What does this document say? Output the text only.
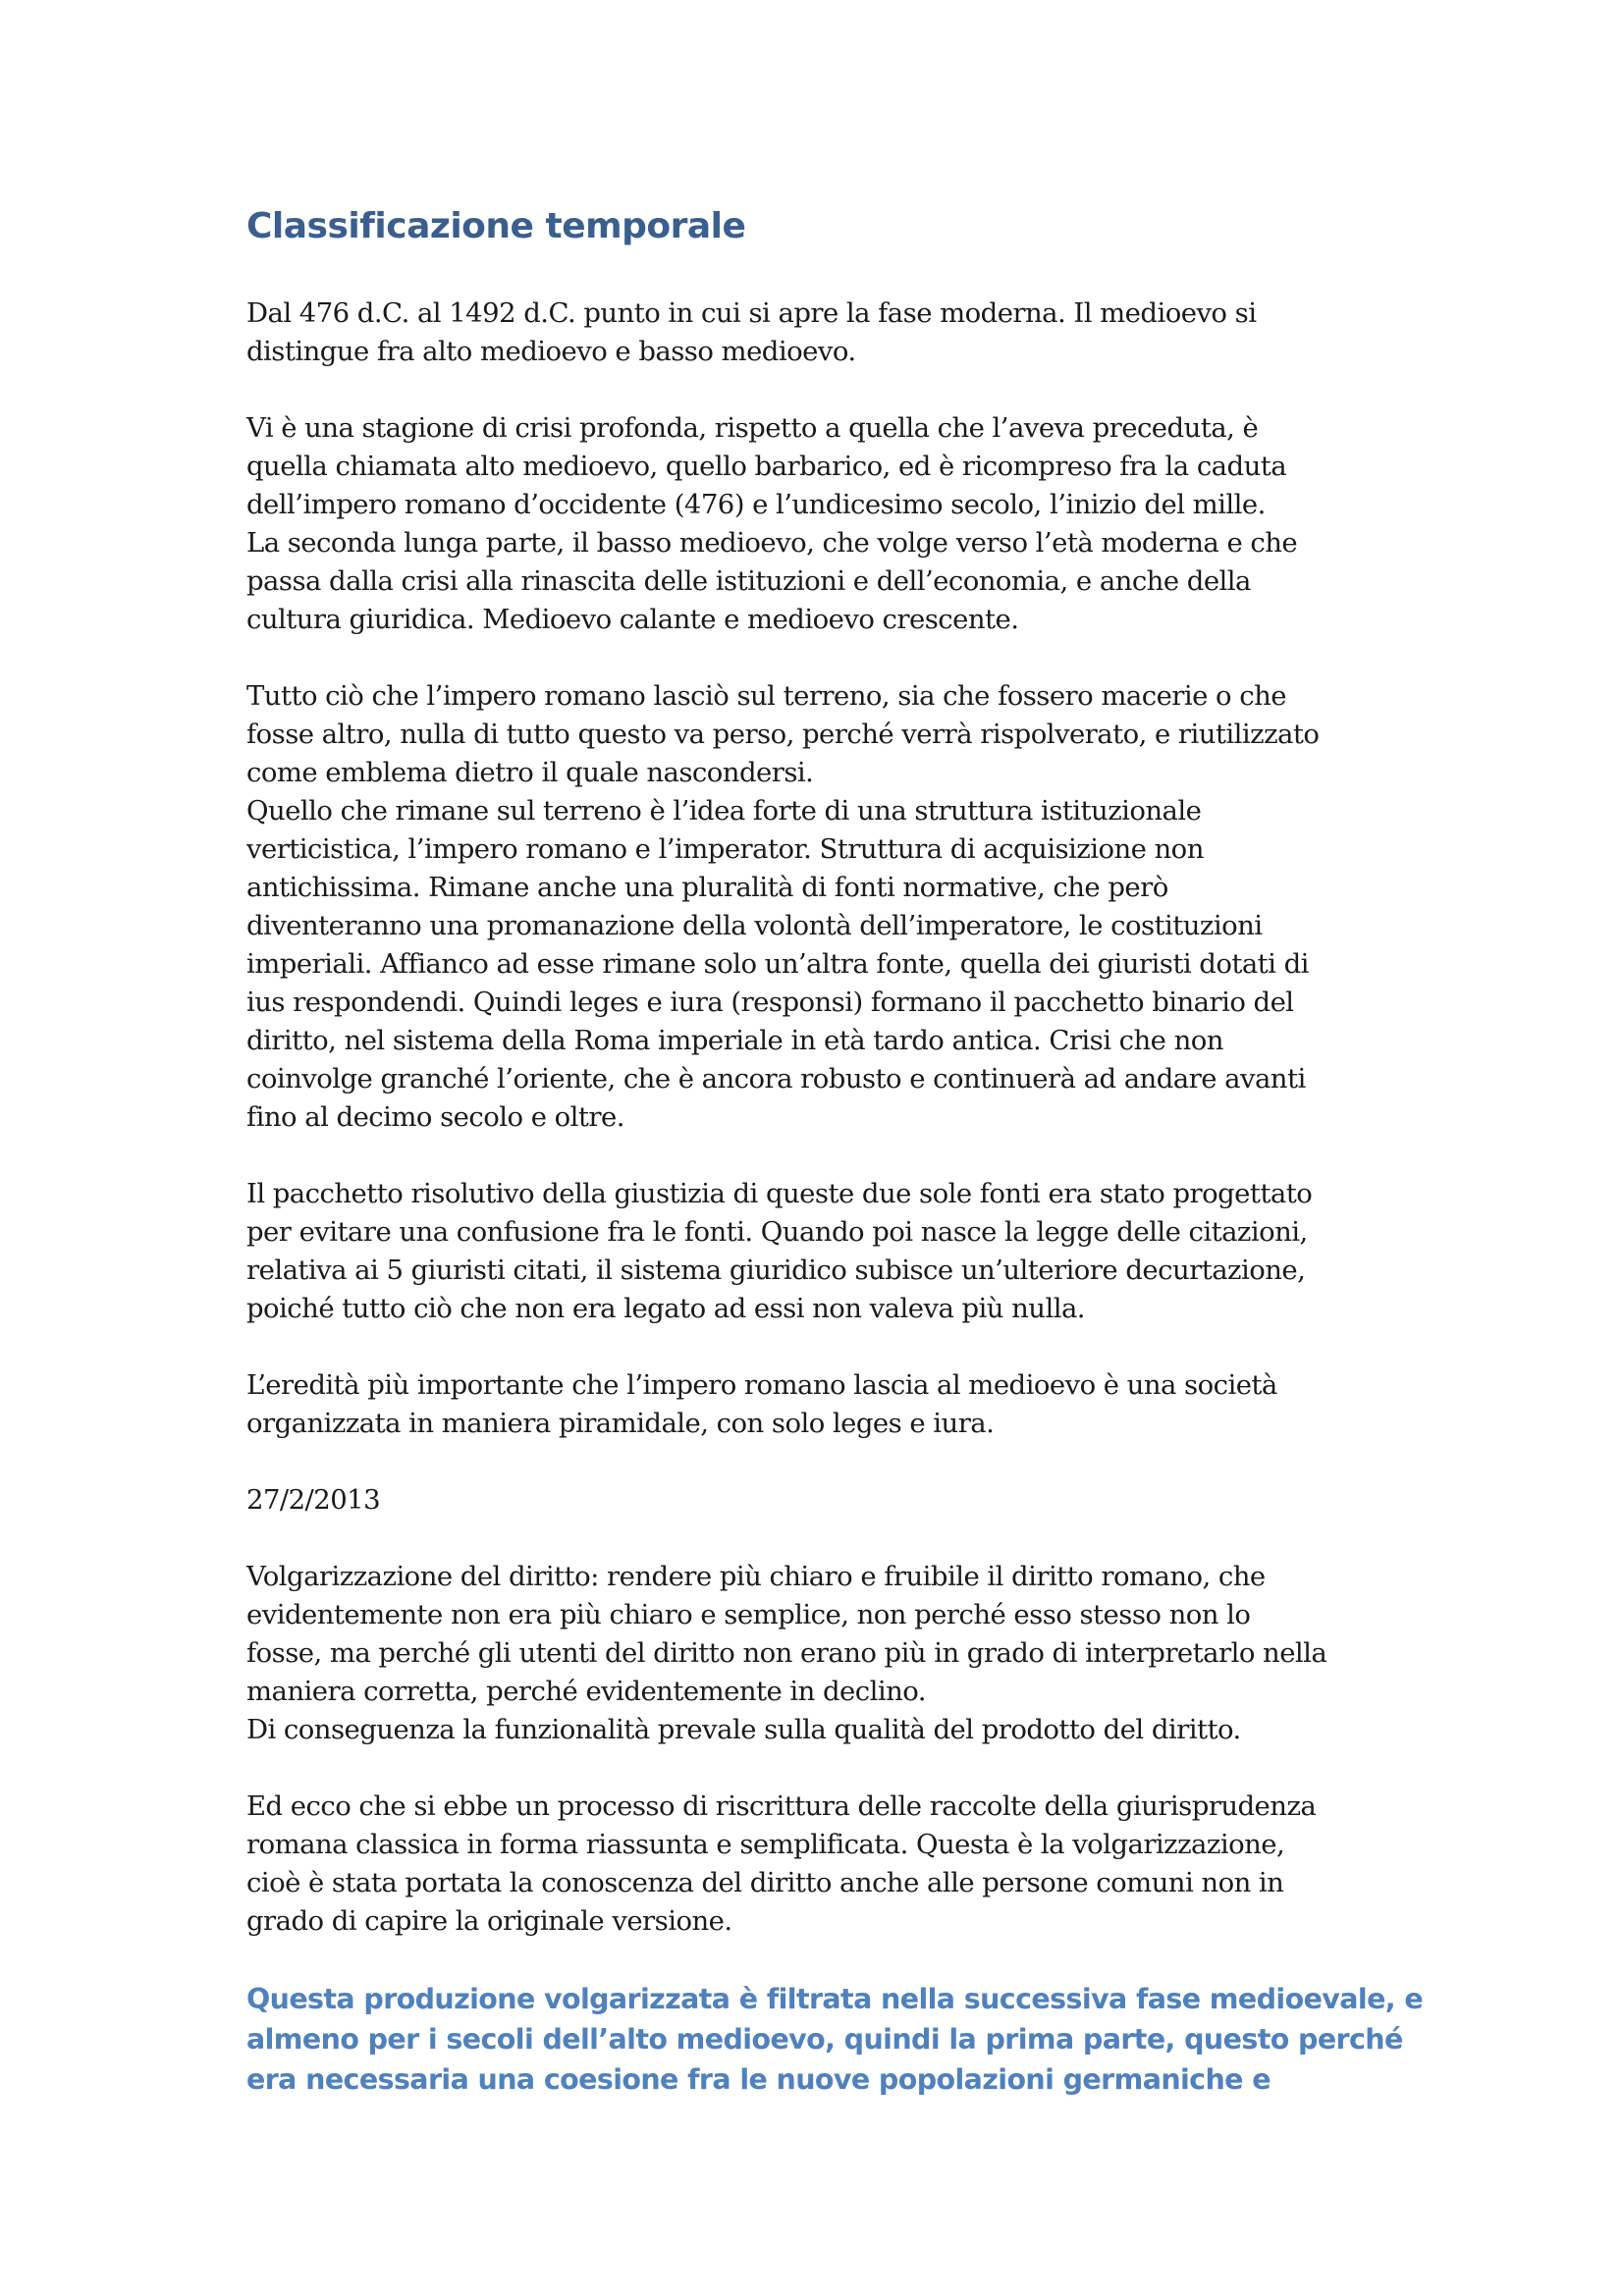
Classificazione temporale

Dal 476 d.C. al 1492 d.C. punto in cui si apre la fase moderna. Il medioevo si
distingue fra alto medioevo e basso medioevo.

Vi è una stagione di crisi profonda, rispetto a quella che l’aveva preceduta, è
quella chiamata alto medioevo, quello barbarico, ed è ricompreso fra la caduta
dell’impero romano d’occidente (476) e l’undicesimo secolo, l’inizio del mille.
La seconda lunga parte, il basso medioevo, che volge verso l’età moderna e che
passa dalla crisi alla rinascita delle istituzioni e dell’economia, e anche della
cultura giuridica. Medioevo calante e medioevo crescente.

Tutto ciò che l’impero romano lasciò sul terreno, sia che fossero macerie o che
fosse altro, nulla di tutto questo va perso, perché verrà rispolverato, e riutilizzato
come emblema dietro il quale nascondersi.
Quello che rimane sul terreno è l’idea forte di una struttura istituzionale
verticistica, l’impero romano e l’imperator. Struttura di acquisizione non
antichissima. Rimane anche una pluralità di fonti normative, che però
diventeranno una promanazione della volontà dell’imperatore, le costituzioni
imperiali. Affianco ad esse rimane solo un’altra fonte, quella dei giuristi dotati di
ius respondendi. Quindi leges e iura (responsi) formano il pacchetto binario del
diritto, nel sistema della Roma imperiale in età tardo antica. Crisi che non
coinvolge granché l’oriente, che è ancora robusto e continuerà ad andare avanti
fino al decimo secolo e oltre.

Il pacchetto risolutivo della giustizia di queste due sole fonti era stato progettato
per evitare una confusione fra le fonti. Quando poi nasce la legge delle citazioni,
relativa ai 5 giuristi citati, il sistema giuridico subisce un’ulteriore decurtazione,
poiché tutto ciò che non era legato ad essi non valeva più nulla.

L’eredità più importante che l’impero romano lascia al medioevo è una società
organizzata in maniera piramidale, con solo leges e iura.

27/2/2013

Volgarizzazione del diritto: rendere più chiaro e fruibile il diritto romano, che
evidentemente non era più chiaro e semplice, non perché esso stesso non lo
fosse, ma perché gli utenti del diritto non erano più in grado di interpretarlo nella
maniera corretta, perché evidentemente in declino.
Di conseguenza la funzionalità prevale sulla qualità del prodotto del diritto.

Ed ecco che si ebbe un processo di riscrittura delle raccolte della giurisprudenza
romana classica in forma riassunta e semplificata. Questa è la volgarizzazione,
cioè è stata portata la conoscenza del diritto anche alle persone comuni non in
grado di capire la originale versione.

Questa produzione volgarizzata è filtrata nella successiva fase medioevale, e
almeno per i secoli dell’alto medioevo, quindi la prima parte, questo perché
era necessaria una coesione fra le nuove popolazioni germaniche e
